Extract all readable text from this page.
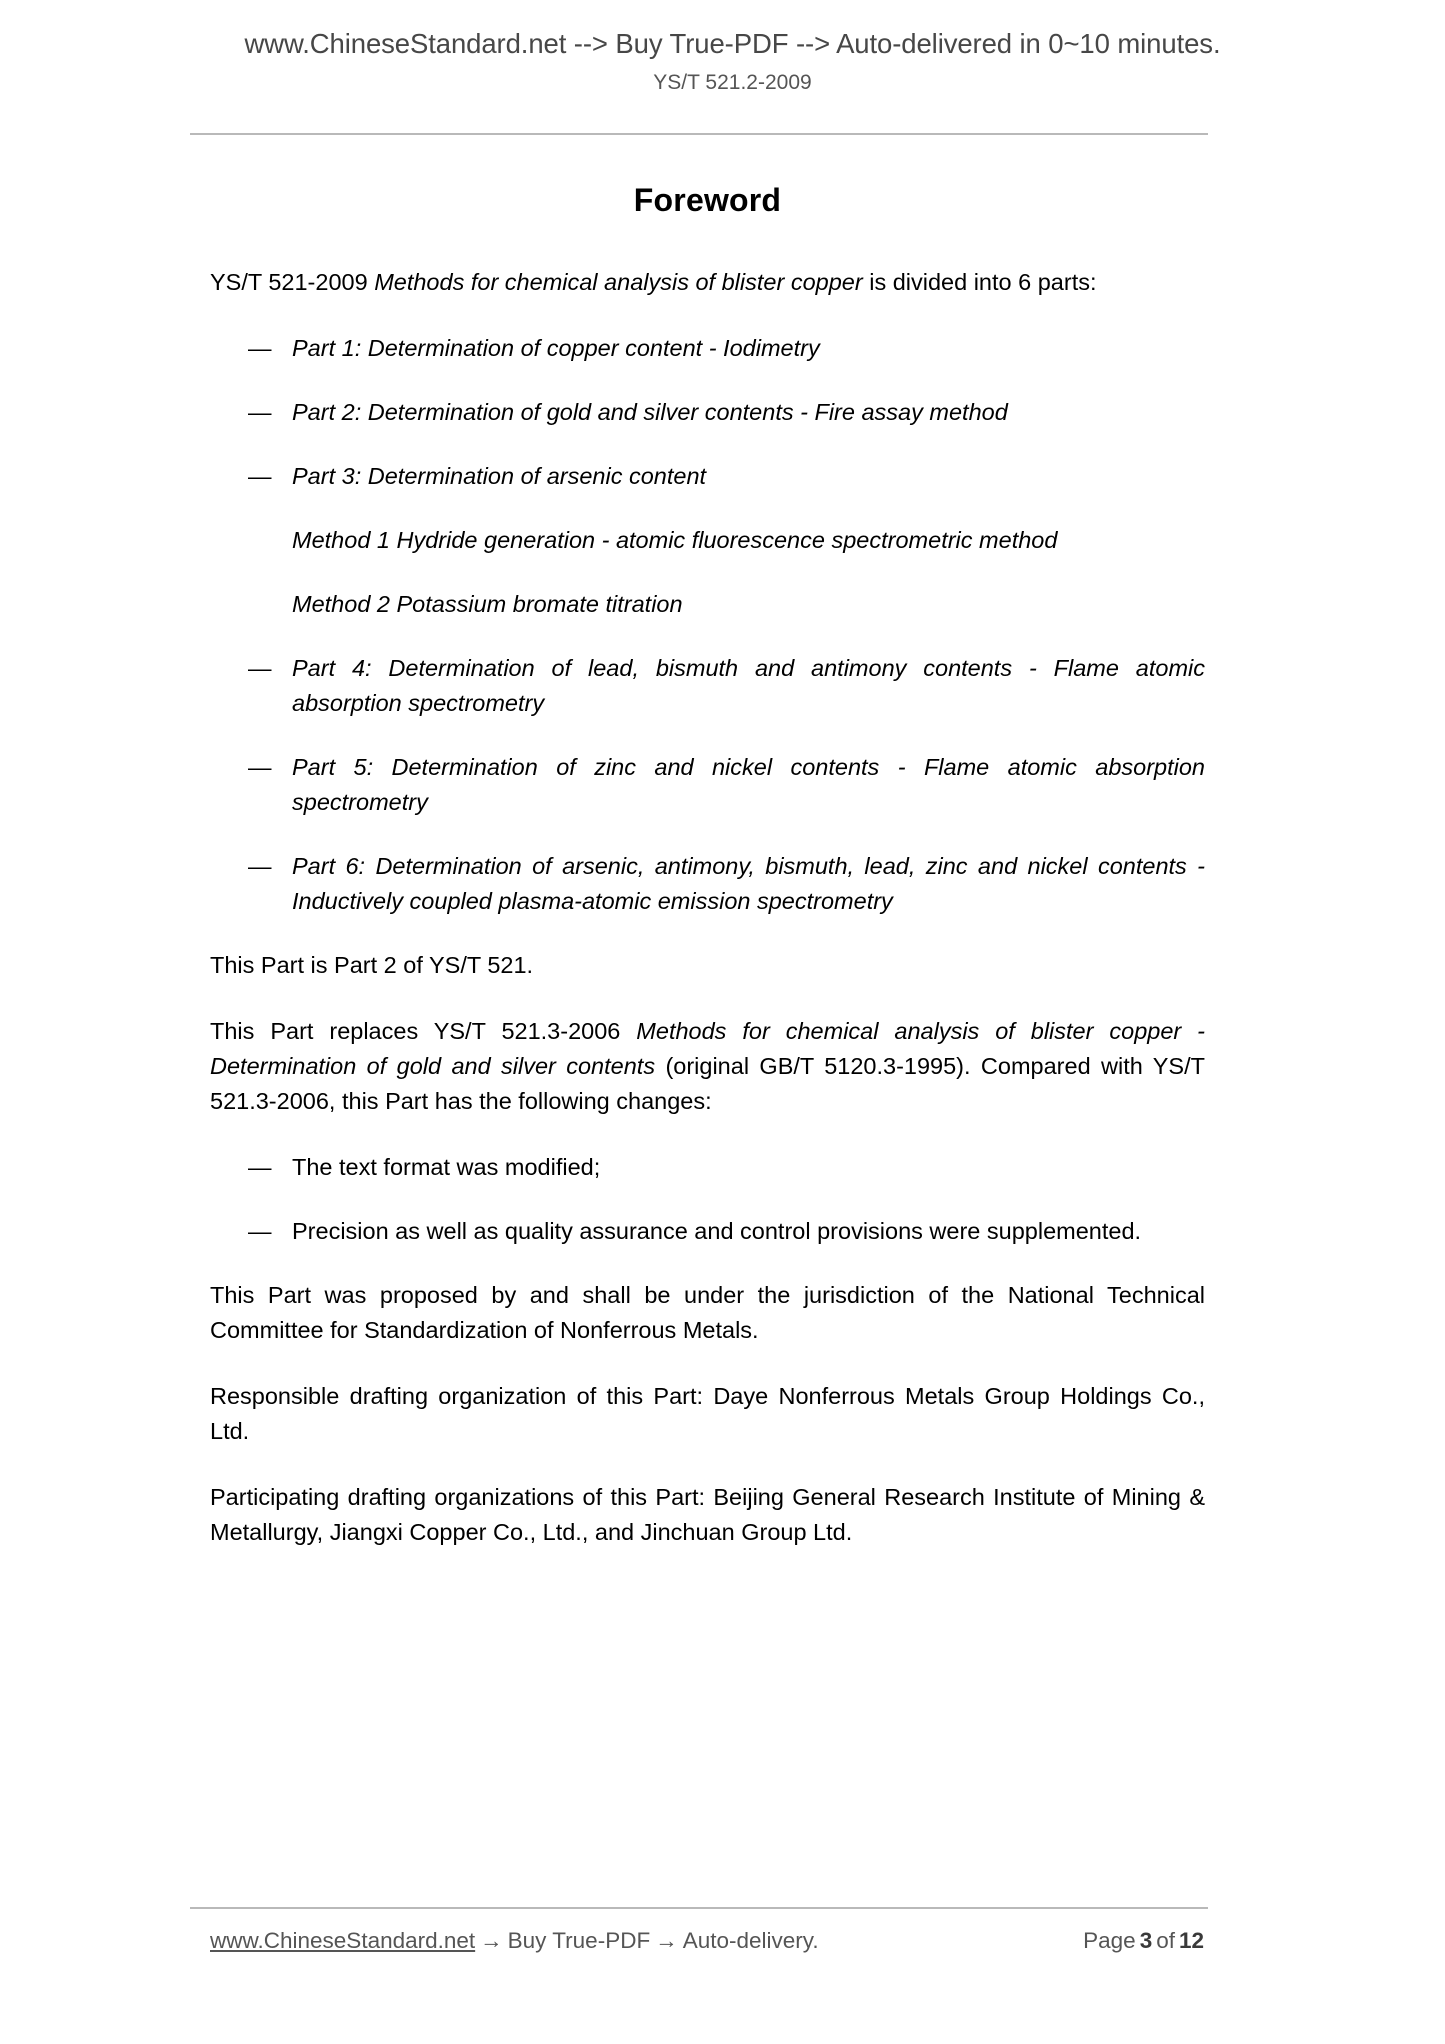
www.ChineseStandard.net --> Buy True-PDF --> Auto-delivered in 0~10 minutes.
YS/T 521.2-2009
Foreword

YS/T 521-2009 Methods for chemical analysis of blister copper is divided into 6 parts:

— Part 1: Determination of copper content - Iodimetry
— Part 2: Determination of gold and silver contents - Fire assay method
— Part 3: Determination of arsenic content
Method 1 Hydride generation - atomic fluorescence spectrometric method
Method 2 Potassium bromate titration
— Part 4: Determination of lead, bismuth and antimony contents - Flame atomic absorption spectrometry
— Part 5: Determination of zinc and nickel contents - Flame atomic absorption spectrometry
— Part 6: Determination of arsenic, antimony, bismuth, lead, zinc and nickel contents - Inductively coupled plasma-atomic emission spectrometry

This Part is Part 2 of YS/T 521.

This Part replaces YS/T 521.3-2006 Methods for chemical analysis of blister copper - Determination of gold and silver contents (original GB/T 5120.3-1995). Compared with YS/T 521.3-2006, this Part has the following changes:

— The text format was modified;
— Precision as well as quality assurance and control provisions were supplemented.

This Part was proposed by and shall be under the jurisdiction of the National Technical Committee for Standardization of Nonferrous Metals.

Responsible drafting organization of this Part: Daye Nonferrous Metals Group Holdings Co., Ltd.

Participating drafting organizations of this Part: Beijing General Research Institute of Mining & Metallurgy, Jiangxi Copper Co., Ltd., and Jinchuan Group Ltd.

www.ChineseStandard.net → Buy True-PDF → Auto-delivery.	Page 3 of 12
